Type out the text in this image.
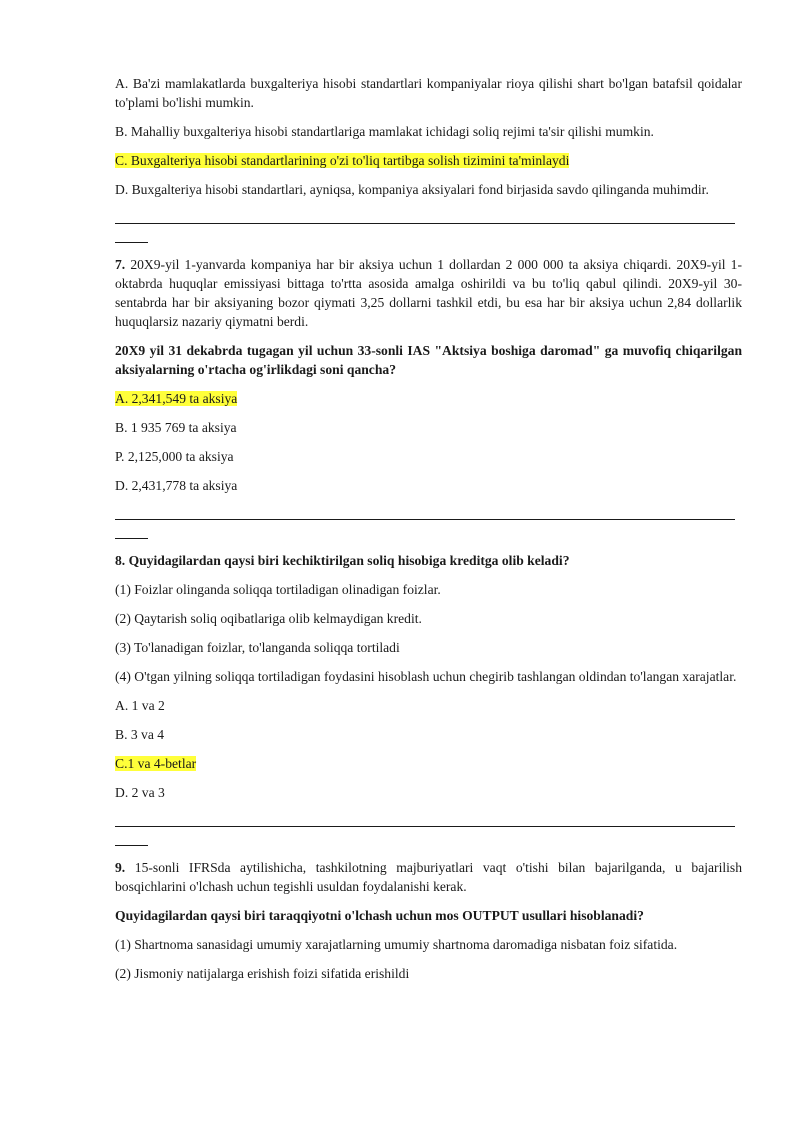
A. Ba'zi mamlakatlarda buxgalteriya hisobi standartlari kompaniyalar rioya qilishi shart bo'lgan batafsil qoidalar to'plami bo'lishi mumkin.

B. Mahalliy buxgalteriya hisobi standartlariga mamlakat ichidagi soliq rejimi ta'sir qilishi mumkin.

C. Buxgalteriya hisobi standartlarining o'zi to'liq tartibga solish tizimini ta'minlaydi

D. Buxgalteriya hisobi standartlari, ayniqsa, kompaniya aksiyalari fond birjasida savdo qilinganda muhimdir.

7. 20X9-yil 1-yanvarda kompaniya har bir aksiya uchun 1 dollardan 2 000 000 ta aksiya chiqardi. 20X9-yil 1-oktabrda huquqlar emissiyasi bittaga to'rtta asosida amalga oshirildi va bu to'liq qabul qilindi. 20X9-yil 30-sentabrda har bir aksiyaning bozor qiymati 3,25 dollarni tashkil etdi, bu esa har bir aksiya uchun 2,84 dollarlik huquqlarsiz nazariy qiymatni berdi.

20X9 yil 31 dekabrda tugagan yil uchun 33-sonli IAS "Aktsiya boshiga daromad" ga muvofiq chiqarilgan aksiyalarning o'rtacha og'irlikdagi soni qancha?

A. 2,341,549 ta aksiya

B. 1 935 769 ta aksiya

P. 2,125,000 ta aksiya

D. 2,431,778 ta aksiya

8. Quyidagilardan qaysi biri kechiktirilgan soliq hisobiga kreditga olib keladi?

(1) Foizlar olinganda soliqqa tortiladigan olinadigan foizlar.

(2) Qaytarish soliq oqibatlariga olib kelmaydigan kredit.

(3) To'lanadigan foizlar, to'langanda soliqqa tortiladi

(4) O'tgan yilning soliqqa tortiladigan foydasini hisoblash uchun chegirib tashlangan oldindan to'langan xarajatlar.

A. 1 va 2

B. 3 va 4

C.1 va 4-betlar

D. 2 va 3

9. 15-sonli IFRSda aytilishicha, tashkilotning majburiyatlari vaqt o'tishi bilan bajarilganda, u bajarilish bosqichlarini o'lchash uchun tegishli usuldan foydalanishi kerak.

Quyidagilardan qaysi biri taraqqiyotni o'lchash uchun mos OUTPUT usullari hisoblanadi?

(1) Shartnoma sanasidagi umumiy xarajatlarning umumiy shartnoma daromadiga nisbatan foiz sifatida.

(2) Jismoniy natijalarga erishish foizi sifatida erishildi
